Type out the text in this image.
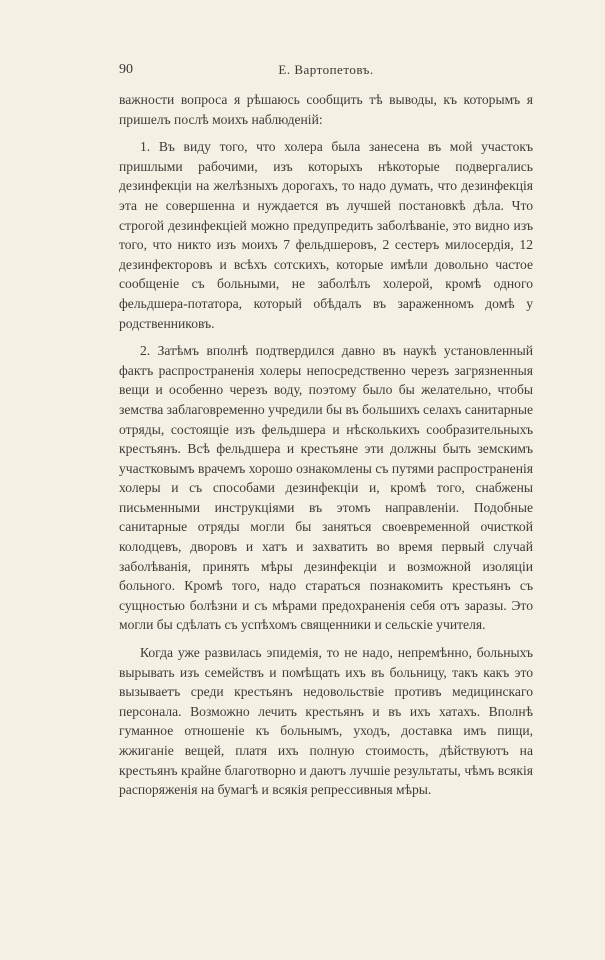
90	Е. Вартопетовъ.

важности вопроса я рѣшаюсь сообщить тѣ выводы, къ которымъ я пришелъ послѣ моихъ наблюденій:

1. Въ виду того, что холера была занесена въ мой участокъ пришлыми рабочими, изъ которыхъ нѣкоторые подвергались дезинфекціи на желѣзныхъ дорогахъ, то надо думать, что дезинфекція эта не совершенна и нуждается въ лучшей постановкѣ дѣла. Что строгой дезинфекціей можно предупредить заболѣваніе, это видно изъ того, что никто изъ моихъ 7 фельдшеровъ, 2 сестеръ милосердія, 12 дезинфекторовъ и всѣхъ сотскихъ, которые имѣли довольно частое сообщеніе съ больными, не заболѣлъ холерой, кромѣ одного фельдшера-потатора, который обѣдалъ въ зараженномъ домѣ у родственниковъ.

2. Затѣмъ вполнѣ подтвердился давно въ наукѣ установленный фактъ распространенія холеры непосредственно черезъ загрязненныя вещи и особенно черезъ воду, поэтому было бы желательно, чтобы земства заблаговременно учредили бы въ большихъ селахъ санитарные отряды, состоящіе изъ фельдшера и нѣсколькихъ сообразительныхъ крестьянъ. Всѣ фельдшера и крестьяне эти должны быть земскимъ участковымъ врачемъ хорошо ознакомлены съ путями распространенія холеры и съ способами дезинфекціи и, кромѣ того, снабжены письменными инструкціями въ этомъ направленіи. Подобные санитарные отряды могли бы заняться своевременной очисткой колодцевъ, дворовъ и хатъ и захватить во время первый случай заболѣванія, принять мѣры дезинфекціи и возможной изоляціи больного. Кромѣ того, надо стараться познакомить крестьянъ съ сущностью болѣзни и съ мѣрами предохраненія себя отъ заразы. Это могли бы сдѣлать съ успѣхомъ священники и сельскіе учителя.

Когда уже развилась эпидемія, то не надо, непремѣнно, больныхъ вырывать изъ семействъ и помѣщать ихъ въ больницу, такъ какъ это вызываетъ среди крестьянъ недовольствіе противъ медицинскаго персонала. Возможно лечить крестьянъ и въ ихъ хатахъ. Вполнѣ гуманное отношеніе къ больнымъ, уходъ, доставка имъ пищи, жжиганіе вещей, платя ихъ полную стоимость, дѣйствуютъ на крестьянъ крайне благотворно и даютъ лучшіе результаты, чѣмъ всякія распоряженія на бумагѣ и всякія репрессивныя мѣры.
